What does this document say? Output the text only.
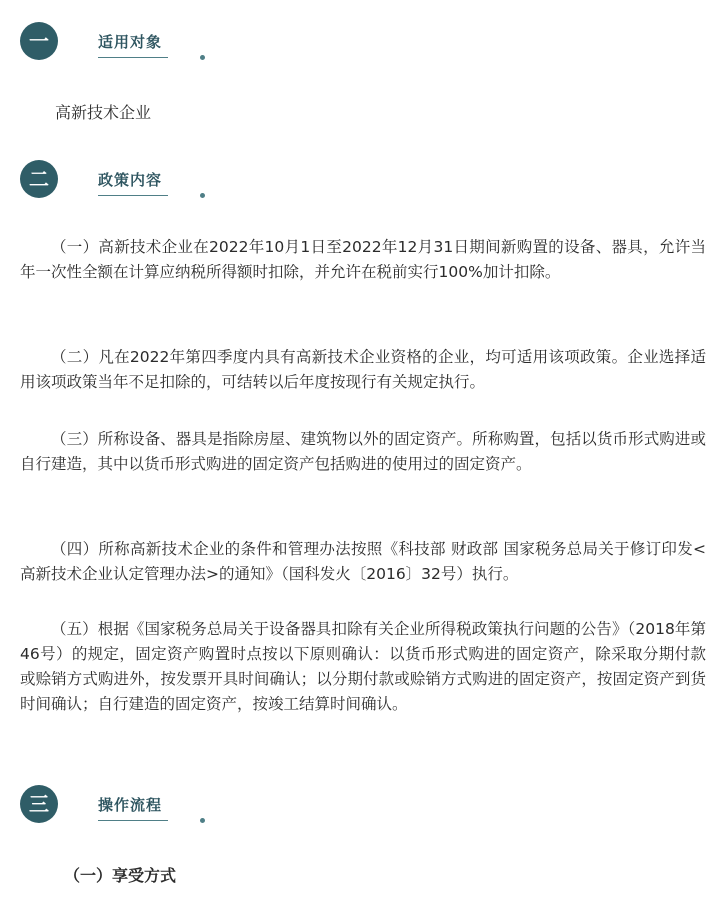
一	适用对象
高新技术企业
二	政策内容

（一）高新技术企业在2022年10月1日至2022年12月31日期间新购置的设备、器具，允许当年一次性全额在计算应纳税所得额时扣除，并允许在税前实行100%加计扣除。

（二）凡在2022年第四季度内具有高新技术企业资格的企业，均可适用该项政策。企业选择适用该项政策当年不足扣除的，可结转以后年度按现行有关规定执行。

（三）所称设备、器具是指除房屋、建筑物以外的固定资产。所称购置，包括以货币形式购进或自行建造，其中以货币形式购进的固定资产包括购进的使用过的固定资产。

（四）所称高新技术企业的条件和管理办法按照《科技部 财政部 国家税务总局关于修订印发<高新技术企业认定管理办法>的通知》（国科发火〔2016〕32号）执行。

（五）根据《国家税务总局关于设备器具扣除有关企业所得税政策执行问题的公告》（2018年第46号）的规定，固定资产购置时点按以下原则确认：以货币形式购进的固定资产，除采取分期付款或赊销方式购进外，按发票开具时间确认；以分期付款或赊销方式购进的固定资产，按固定资产到货时间确认；自行建造的固定资产，按竣工结算时间确认。

三	操作流程
（一）享受方式
